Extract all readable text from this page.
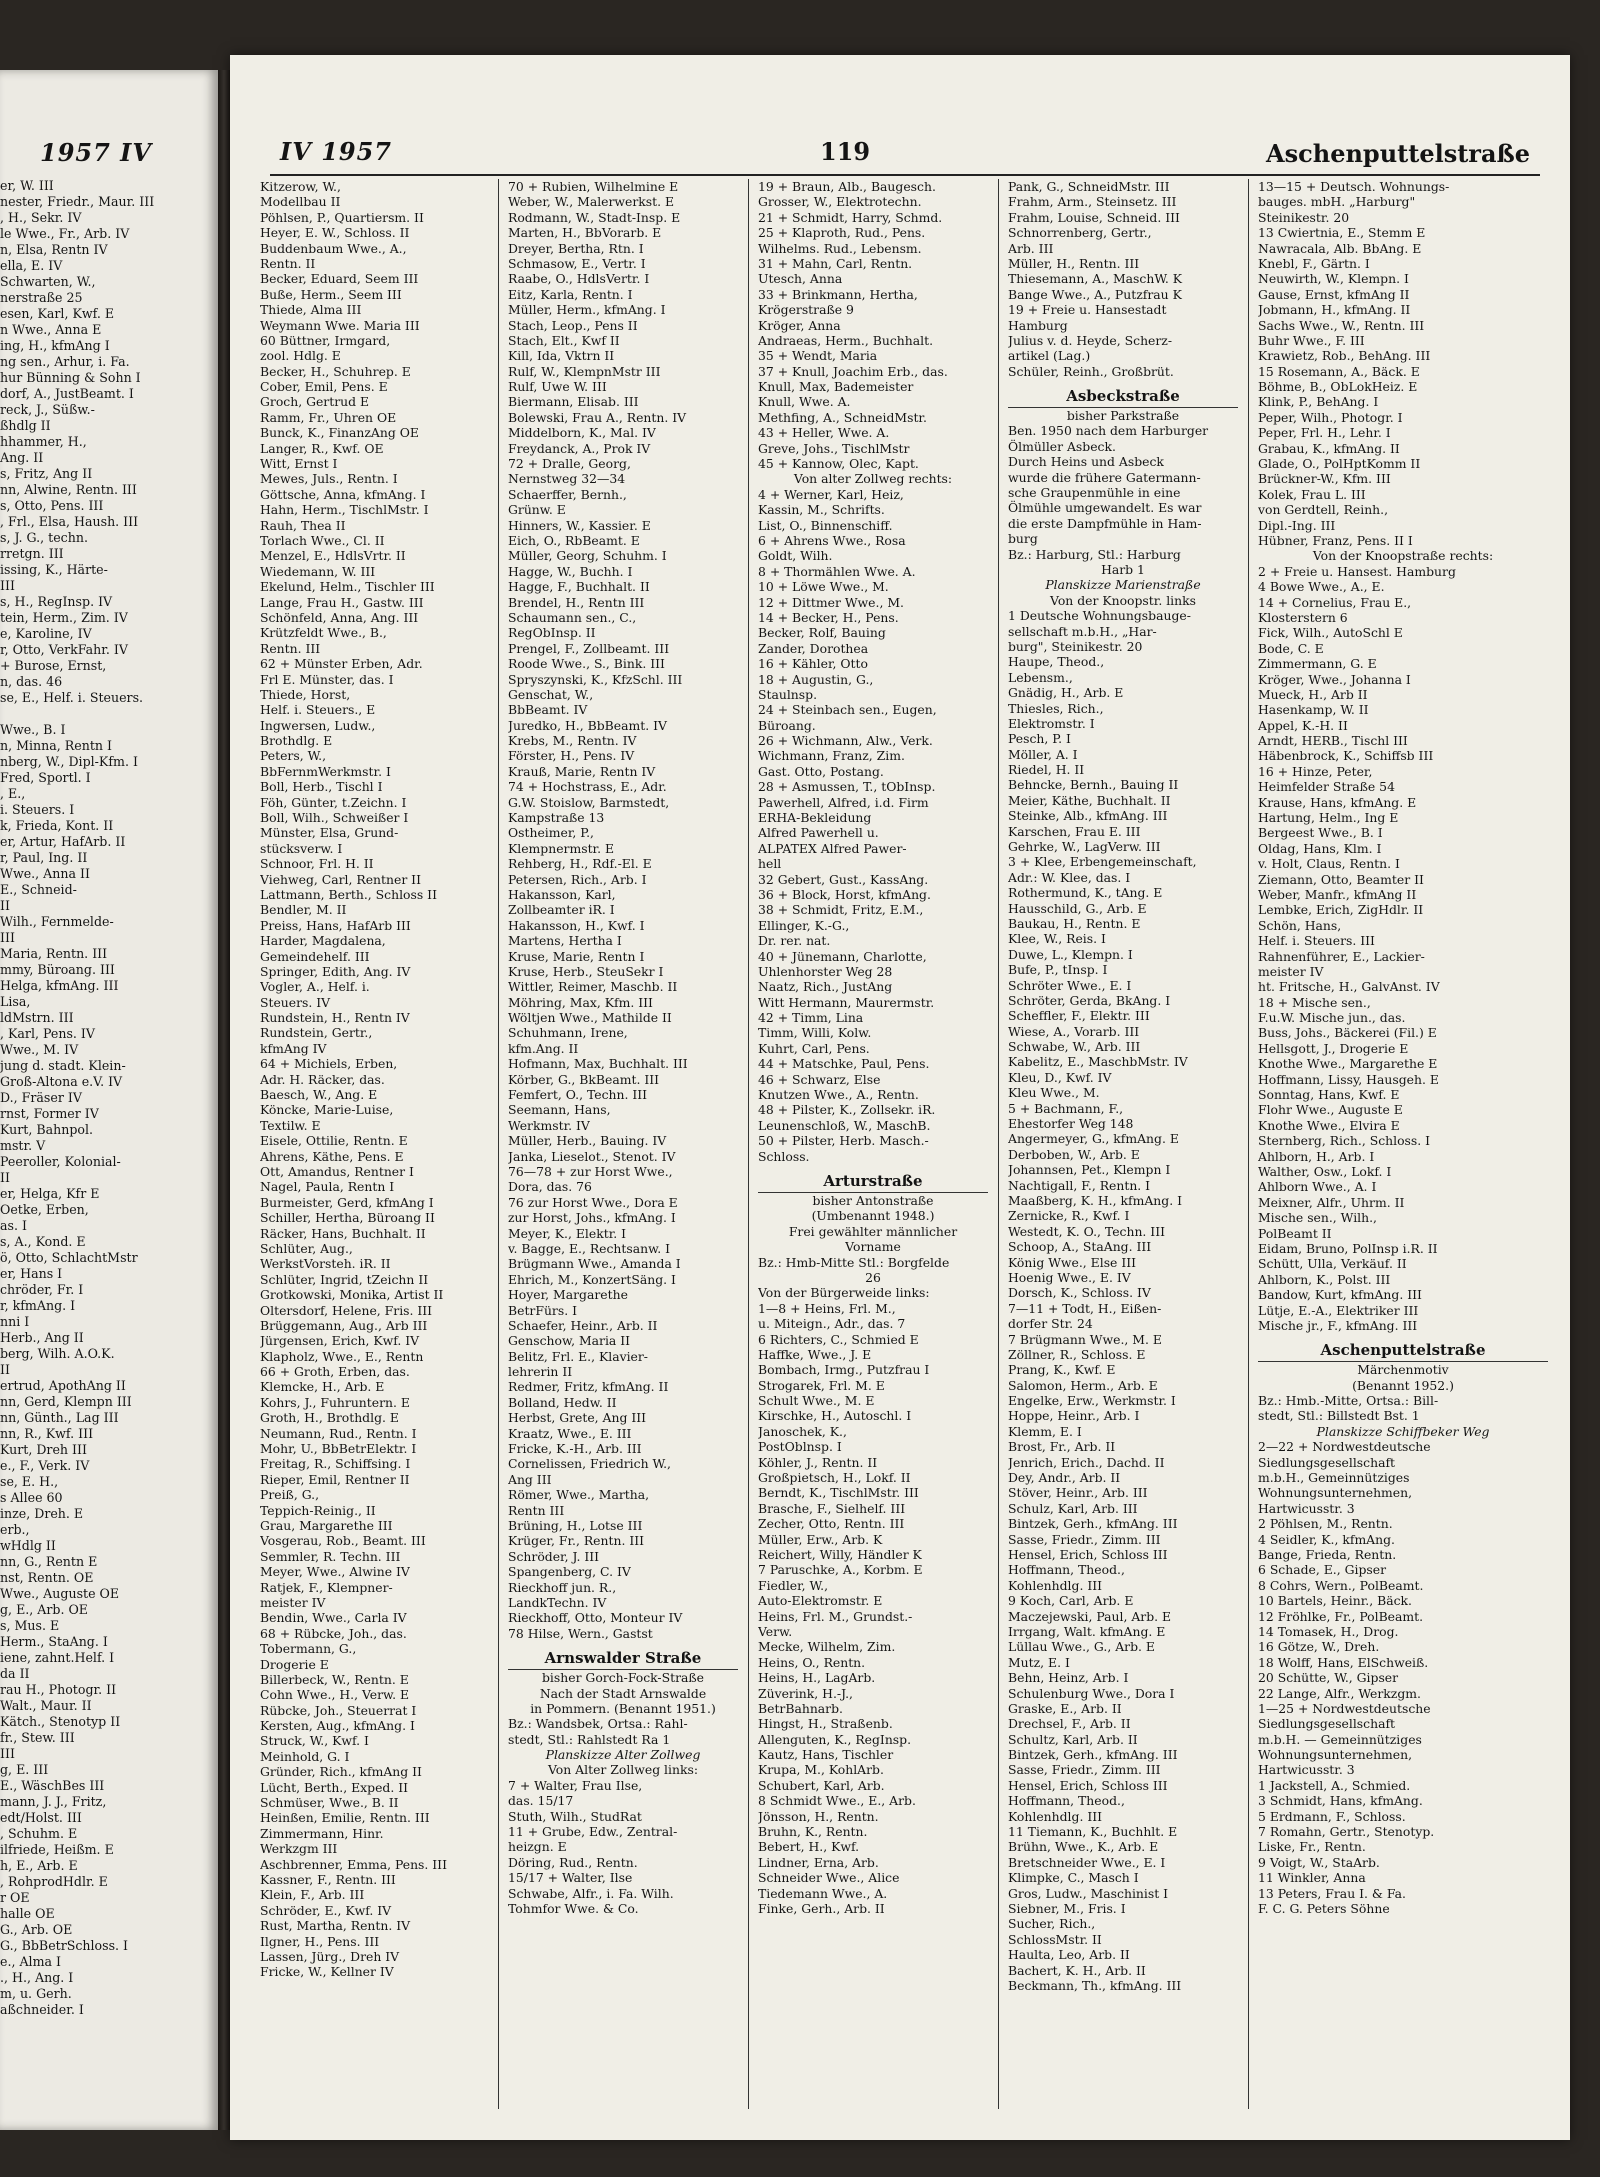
1957 IV
er, W. III
nester, Friedr., Maur. III
, H., Sekr. IV
le Wwe., Fr., Arb. IV
n, Elsa, Rentn IV
ella, E. IV
Schwarten, W.,
nerstraße 25
esen, Karl, Kwf. E
n Wwe., Anna E
ing, H., kfmAng I
ng sen., Arhur, i. Fa.
hur Bünning & Sohn I
dorf, A., JustBeamt. I
reck, J., Süßw.-
ßhdlg II
hhammer, H.,
Ang. II
s, Fritz, Ang II
nn, Alwine, Rentn. III
s, Otto, Pens. III
, Frl., Elsa, Haush. III
s, J. G., techn.
rretgn. III
issing, K., Härte-
III
s, H., RegInsp. IV
tein, Herm., Zim. IV
e, Karoline, IV
r, Otto, VerkFahr. IV
+ Burose, Ernst,
n, das. 46
se, E., Helf. i. Steuers.
Wwe., B. I
n, Minna, Rentn I
nberg, W., Dipl-Kfm. I
Fred, Sportl. I
, E.,
i. Steuers. I
k, Frieda, Kont. II
er, Artur, HafArb. II
r, Paul, Ing. II
Wwe., Anna II
E., Schneid-
II
Wilh., Fernmelde-
III
Maria, Rentn. III
mmy, Büroang. III
Helga, kfmAng. III
Lisa,
ldMstrn. III
, Karl, Pens. IV
Wwe., M. IV
jung d. stadt. Klein-
Groß-Altona e.V. IV
D., Fräser IV
rnst, Former IV
Kurt, Bahnpol.
mstr. V
Peeroller, Kolonial-
II
er, Helga, Kfr E
Oetke, Erben,
as. I
s, A., Kond. E
ö, Otto, SchlachtMstr
er, Hans I
chröder, Fr. I
r, kfmAng. I
nni I
Herb., Ang II
berg, Wilh. A.O.K.
II
ertrud, ApothAng II
nn, Gerd, Klempn III
nn, Günth., Lag III
nn, R., Kwf. III
Kurt, Dreh III
e., F., Verk. IV
se, E. H.,
s Allee 60
inze, Dreh. E
erb.,
wHdlg II
nn, G., Rentn E
nst, Rentn. OE
Wwe., Auguste OE
g, E., Arb. OE
s, Mus. E
Herm., StaAng. I
iene, zahnt.Helf. I
da II
rau H., Photogr. II
Walt., Maur. II
Kätch., Stenotyp II
fr., Stew. III
III
g, E. III
E., WäschBes III
mann, J. J., Fritz,
edt/Holst. III
, Schuhm. E
ilfriede, Heißm. E
h, E., Arb. E
, RohprodHdlr. E
r OE
halle OE
G., Arb. OE
G., BbBetrSchloss. I
e., Alma I
., H., Ang. I
m, u. Gerh.
aßchneider. I
IV 1957	119	Aschenputtelstraße
Kitzerow, W.,
Modellbau II
Pöhlsen, P., Quartiersm. II
Heyer, E. W., Schloss. II
Buddenbaum Wwe., A.,
Rentn. II
Becker, Eduard, Seem III
Buße, Herm., Seem III
Thiede, Alma III
Weymann Wwe. Maria III
60 Büttner, Irmgard,
zool. Hdlg. E
Becker, H., Schuhrep. E
Cober, Emil, Pens. E
Groch, Gertrud E
Ramm, Fr., Uhren OE
Bunck, K., FinanzAng OE
Langer, R., Kwf. OE
Witt, Ernst I
Mewes, Juls., Rentn. I
Göttsche, Anna, kfmAng. I
Hahn, Herm., TischlMstr. I
Rauh, Thea II
Torlach Wwe., Cl. II
Menzel, E., HdlsVrtr. II
Wiedemann, W. III
Ekelund, Helm., Tischler III
Lange, Frau H., Gastw. III
Schönfeld, Anna, Ang. III
Krützfeldt Wwe., B.,
Rentn. III
62 + Münster Erben, Adr.
Frl E. Münster, das. I
Thiede, Horst,
Helf. i. Steuers., E
Ingwersen, Ludw.,
Brothdlg. E
Peters, W.,
BbFernmWerkmstr. I
Boll, Herb., Tischl I
Föh, Günter, t.Zeichn. I
Boll, Wilh., Schweißer I
Münster, Elsa, Grund-
stücksverw. I
Schnoor, Frl. H. II
Viehweg, Carl, Rentner II
Lattmann, Berth., Schloss II
Bendler, M. II
Preiss, Hans, HafArb III
Harder, Magdalena,
Gemeindehelf. III
Springer, Edith, Ang. IV
Vogler, A., Helf. i.
Steuers. IV
Rundstein, H., Rentn IV
Rundstein, Gertr.,
kfmAng IV
64 + Michiels, Erben,
Adr. H. Räcker, das.
Baesch, W., Ang. E
Köncke, Marie-Luise,
Textilw. E
Eisele, Ottilie, Rentn. E
Ahrens, Käthe, Pens. E
Ott, Amandus, Rentner I
Nagel, Paula, Rentn I
Burmeister, Gerd, kfmAng I
Schiller, Hertha, Büroang II
Räcker, Hans, Buchhalt. II
Schlüter, Aug.,
WerkstVorsteh. iR. II
Schlüter, Ingrid, tZeichn II
Grotkowski, Monika, Artist II
Oltersdorf, Helene, Fris. III
Brüggemann, Aug., Arb III
Jürgensen, Erich, Kwf. IV
Klapholz, Wwe., E., Rentn
66 + Groth, Erben, das.
Klemcke, H., Arb. E
Kohrs, J., Fuhruntern. E
Groth, H., Brothdlg. E
Neumann, Rud., Rentn. I
Mohr, U., BbBetrElektr. I
Freitag, R., Schiffsing. I
Rieper, Emil, Rentner II
Preiß, G.,
Teppich-Reinig., II
Grau, Margarethe III
Vosgerau, Rob., Beamt. III
Semmler, R. Techn. III
Meyer, Wwe., Alwine IV
Ratjek, F., Klempner-
meister IV
Bendin, Wwe., Carla IV
68 + Rübcke, Joh., das.
Tobermann, G.,
Drogerie E
Billerbeck, W., Rentn. E
Cohn Wwe., H., Verw. E
Rübcke, Joh., Steuerrat I
Kersten, Aug., kfmAng. I
Struck, W., Kwf. I
Meinhold, G. I
Gründer, Rich., kfmAng II
Lücht, Berth., Exped. II
Schmüser, Wwe., B. II
Heinßen, Emilie, Rentn. III
Zimmermann, Hinr.
Werkzgm III
Aschbrenner, Emma, Pens. III
Kassner, F., Rentn. III
Klein, F., Arb. III
Schröder, E., Kwf. IV
Rust, Martha, Rentn. IV
Ilgner, H., Pens. III
Lassen, Jürg., Dreh IV
Fricke, W., Kellner IV
70 + Rubien, Wilhelmine E
Weber, W., Malerwerkst. E
Rodmann, W., Stadt-Insp. E
Marten, H., BbVorarb. E
Dreyer, Bertha, Rtn. I
Schmasow, E., Vertr. I
Raabe, O., HdlsVertr. I
Eitz, Karla, Rentn. I
Müller, Herm., kfmAng. I
Stach, Leop., Pens II
Stach, Elt., Kwf II
Kill, Ida, Vktrn II
Rulf, W., KlempnMstr III
Rulf, Uwe W. III
Biermann, Elisab. III
Bolewski, Frau A., Rentn. IV
Middelborn, K., Mal. IV
Freydanck, A., Prok IV
72 + Dralle, Georg,
Nernstweg 32—34
Schaerffer, Bernh.,
Grünw. E
Hinners, W., Kassier. E
Eich, O., RbBeamt. E
Müller, Georg, Schuhm. I
Hagge, W., Buchh. I
Hagge, F., Buchhalt. II
Brendel, H., Rentn III
Schaumann sen., C.,
RegObInsp. II
Prengel, F., Zollbeamt. III
Roode Wwe., S., Bink. III
Spryszynski, K., KfzSchl. III
Genschat, W.,
BbBeamt. IV
Juredko, H., BbBeamt. IV
Krebs, M., Rentn. IV
Förster, H., Pens. IV
Krauß, Marie, Rentn IV
74 + Hochstrass, E., Adr.
G.W. Stoislow, Barmstedt,
Kampstraße 13
Ostheimer, P.,
Klempnermstr. E
Rehberg, H., Rdf.-El. E
Petersen, Rich., Arb. I
Hakansson, Karl,
Zollbeamter iR. I
Hakansson, H., Kwf. I
Martens, Hertha I
Kruse, Marie, Rentn I
Kruse, Herb., SteuSekr I
Wittler, Reimer, Maschb. II
Möhring, Max, Kfm. III
Wöltjen Wwe., Mathilde II
Schuhmann, Irene,
kfm.Ang. II
Hofmann, Max, Buchhalt. III
Körber, G., BkBeamt. III
Femfert, O., Techn. III
Seemann, Hans,
Werkmstr. IV
Müller, Herb., Bauing. IV
Janka, Lieselot., Stenot. IV
76—78 + zur Horst Wwe.,
Dora, das. 76
76 zur Horst Wwe., Dora E
zur Horst, Johs., kfmAng. I
Meyer, K., Elektr. I
v. Bagge, E., Rechtsanw. I
Brügmann Wwe., Amanda I
Ehrich, M., KonzertSäng. I
Hoyer, Margarethe
BetrFürs. I
Schaefer, Heinr., Arb. II
Genschow, Maria II
Belitz, Frl. E., Klavier-
lehrerin II
Redmer, Fritz, kfmAng. II
Bolland, Hedw. II
Herbst, Grete, Ang III
Kraatz, Wwe., E. III
Fricke, K.-H., Arb. III
Cornelissen, Friedrich W.,
Ang III
Römer, Wwe., Martha,
Rentn III
Brüning, H., Lotse III
Krüger, Fr., Rentn. III
Schröder, J. III
Spangenberg, C. IV
Rieckhoff jun. R.,
LandkTechn. IV
Rieckhoff, Otto, Monteur IV
78 Hilse, Wern., Gastst
Arnswalder Straße
bisher Gorch-Fock-Straße
Nach der Stadt Arnswalde
in Pommern. (Benannt 1951.)
Bz.: Wandsbek, Ortsa.: Rahl-
stedt, Stl.: Rahlstedt Ra 1
Planskizze Alter Zollweg
Von Alter Zollweg links:
7 + Walter, Frau Ilse,
das. 15/17
Stuth, Wilh., StudRat
11 + Grube, Edw., Zentral-
heizgn. E
Döring, Rud., Rentn.
15/17 + Walter, Ilse
Schwabe, Alfr., i. Fa. Wilh.
Tohmfor Wwe. & Co.
19 + Braun, Alb., Baugesch.
Grosser, W., Elektrotechn.
21 + Schmidt, Harry, Schmd.
25 + Klaproth, Rud., Pens.
Wilhelms. Rud., Lebensm.
31 + Mahn, Carl, Rentn.
Utesch, Anna
33 + Brinkmann, Hertha,
Krögerstraße 9
Kröger, Anna
Andraeas, Herm., Buchhalt.
35 + Wendt, Maria
37 + Knull, Joachim Erb., das.
Knull, Max, Bademeister
Knull, Wwe. A.
Methfing, A., SchneidMstr.
43 + Heller, Wwe. A.
Greve, Johs., TischlMstr
45 + Kannow, Olec, Kapt.
Von alter Zollweg rechts:
4 + Werner, Karl, Heiz,
Kassin, M., Schrifts.
List, O., Binnenschiff.
6 + Ahrens Wwe., Rosa
Goldt, Wilh.
8 + Thormählen Wwe. A.
10 + Löwe Wwe., M.
12 + Dittmer Wwe., M.
14 + Becker, H., Pens.
Becker, Rolf, Bauing
Zander, Dorothea
16 + Kähler, Otto
18 + Augustin, G.,
Staulnsp.
24 + Steinbach sen., Eugen,
Büroang.
26 + Wichmann, Alw., Verk.
Wichmann, Franz, Zim.
Gast. Otto, Postang.
28 + Asmussen, T., tObInsp.
Pawerhell, Alfred, i.d. Firm
ERHA-Bekleidung
Alfred Pawerhell u.
ALPATEX Alfred Pawer-
hell
32 Gebert, Gust., KassAng.
36 + Block, Horst, kfmAng.
38 + Schmidt, Fritz, E.M.,
Ellinger, K.-G.,
Dr. rer. nat.
40 + Jünemann, Charlotte,
Uhlenhorster Weg 28
Naatz, Rich., JustAng
Witt Hermann, Maurermstr.
42 + Timm, Lina
Timm, Willi, Kolw.
Kuhrt, Carl, Pens.
44 + Matschke, Paul, Pens.
46 + Schwarz, Else
Knutzen Wwe., A., Rentn.
48 + Pilster, K., Zollsekr. iR.
Leunenschloß, W., MaschB.
50 + Pilster, Herb. Masch.-
Schloss.
Arturstraße
bisher Antonstraße
(Umbenannt 1948.)
Frei gewählter männlicher
Vorname
Bz.: Hmb-Mitte Stl.: Borgfelde
26
Von der Bürgerweide links:
1—8 + Heins, Frl. M.,
u. Miteign., Adr., das. 7
6 Richters, C., Schmied E
Haffke, Wwe., J. E
Bombach, Irmg., Putzfrau I
Strogarek, Frl. M. E
Schult Wwe., M. E
Kirschke, H., Autoschl. I
Janoschek, K.,
PostOblnsp. I
Köhler, J., Rentn. II
Großpietsch, H., Lokf. II
Berndt, K., TischlMstr. III
Brasche, F., Sielhelf. III
Zecher, Otto, Rentn. III
Müller, Erw., Arb. K
Reichert, Willy, Händler K
7 Paruschke, A., Korbm. E
Fiedler, W.,
Auto-Elektromstr. E
Heins, Frl. M., Grundst.-
Verw.
Mecke, Wilhelm, Zim.
Heins, O., Rentn.
Heins, H., LagArb.
Züverink, H.-J.,
BetrBahnarb.
Hingst, H., Straßenb.
Allenguten, K., RegInsp.
Kautz, Hans, Tischler
Krupa, M., KohlArb.
Schubert, Karl, Arb.
8 Schmidt Wwe., E., Arb.
Jönsson, H., Rentn.
Bruhn, K., Rentn.
Bebert, H., Kwf.
Lindner, Erna, Arb.
Schneider Wwe., Alice
Tiedemann Wwe., A.
Finke, Gerh., Arb. II
Pank, G., SchneidMstr. III
Frahm, Arm., Steinsetz. III
Frahm, Louise, Schneid. III
Schnorrenberg, Gertr.,
Arb. III
Müller, H., Rentn. III
Thiesemann, A., MaschW. K
Bange Wwe., A., Putzfrau K
19 + Freie u. Hansestadt
Hamburg
Julius v. d. Heyde, Scherz-
artikel (Lag.)
Schüler, Reinh., Großbrüt.
Asbeckstraße
bisher Parkstraße
Ben. 1950 nach dem Harburger
Ölmüller Asbeck.
Durch Heins und Asbeck
wurde die frühere Gatermann-
sche Graupenmühle in eine
Ölmühle umgewandelt. Es war
die erste Dampfmühle in Ham-
burg
Bz.: Harburg, Stl.: Harburg
Harb 1
Planskizze Marienstraße
Von der Knoopstr. links
1 Deutsche Wohnungsbauge-
sellschaft m.b.H., „Har-
burg", Steinikestr. 20
Haupe, Theod.,
Lebensm.,
Gnädig, H., Arb. E
Thiesles, Rich.,
Elektromstr. I
Pesch, P. I
Möller, A. I
Riedel, H. II
Behncke, Bernh., Bauing II
Meier, Käthe, Buchhalt. II
Steinke, Alb., kfmAng. III
Karschen, Frau E. III
Gehrke, W., LagVerw. III
3 + Klee, Erbengemeinschaft,
Adr.: W. Klee, das. I
Rothermund, K., tAng. E
Hausschild, G., Arb. E
Baukau, H., Rentn. E
Klee, W., Reis. I
Duwe, L., Klempn. I
Bufe, P., tInsp. I
Schröter Wwe., E. I
Schröter, Gerda, BkAng. I
Scheffler, F., Elektr. III
Wiese, A., Vorarb. III
Schwabe, W., Arb. III
Kabelitz, E., MaschbMstr. IV
Kleu, D., Kwf. IV
Kleu Wwe., M.
5 + Bachmann, F.,
Ehestorfer Weg 148
Angermeyer, G., kfmAng. E
Derboben, W., Arb. E
Johannsen, Pet., Klempn I
Nachtigall, F., Rentn. I
Maaßberg, K. H., kfmAng. I
Zernicke, R., Kwf. I
Westedt, K. O., Techn. III
Schoop, A., StaAng. III
König Wwe., Else III
Hoenig Wwe., E. IV
Dorsch, K., Schloss. IV
7—11 + Todt, H., Eißen-
dorfer Str. 24
7 Brügmann Wwe., M. E
Zöllner, R., Schloss. E
Prang, K., Kwf. E
Salomon, Herm., Arb. E
Engelke, Erw., Werkmstr. I
Hoppe, Heinr., Arb. I
Klemm, E. I
Brost, Fr., Arb. II
Jenrich, Erich., Dachd. II
Dey, Andr., Arb. II
Stöver, Heinr., Arb. III
Schulz, Karl, Arb. III
Bintzek, Gerh., kfmAng. III
Sasse, Friedr., Zimm. III
Hensel, Erich, Schloss III
Hoffmann, Theod.,
Kohlenhdlg. III
9 Koch, Carl, Arb. E
Maczejewski, Paul, Arb. E
Irrgang, Walt. kfmAng. E
Lüllau Wwe., G., Arb. E
Mutz, E. I
Behn, Heinz, Arb. I
Schulenburg Wwe., Dora I
Graske, E., Arb. II
Drechsel, F., Arb. II
Schultz, Karl, Arb. II
Bintzek, Gerh., kfmAng. III
Sasse, Friedr., Zimm. III
Hensel, Erich, Schloss III
Hoffmann, Theod.,
Kohlenhdlg. III
11 Tiemann, K., Buchhlt. E
Brühn, Wwe., K., Arb. E
Bretschneider Wwe., E. I
Klimpke, C., Masch I
Gros, Ludw., Maschinist I
Siebner, M., Fris. I
Sucher, Rich.,
SchlossMstr. II
Haulta, Leo, Arb. II
Bachert, K. H., Arb. II
Beckmann, Th., kfmAng. III
13—15 + Deutsch. Wohnungs-
bauges. mbH. „Harburg"
Steinikestr. 20
13 Cwiertnia, E., Stemm E
Nawracala, Alb. BbAng. E
Knebl, F., Gärtn. I
Neuwirth, W., Klempn. I
Gause, Ernst, kfmAng II
Jobmann, H., kfmAng. II
Sachs Wwe., W., Rentn. III
Buhr Wwe., F. III
Krawietz, Rob., BehAng. III
15 Rosemann, A., Bäck. E
Böhme, B., ObLokHeiz. E
Klink, P., BehAng. I
Peper, Wilh., Photogr. I
Peper, Frl. H., Lehr. I
Grabau, K., kfmAng. II
Glade, O., PolHptKomm II
Brückner-W., Kfm. III
Kolek, Frau L. III
von Gerdtell, Reinh.,
Dipl.-Ing. III
Hübner, Franz, Pens. II I
Von der Knoopstraße rechts:
2 + Freie u. Hansest. Hamburg
4 Bowe Wwe., A., E.
14 + Cornelius, Frau E.,
Klosterstern 6
Fick, Wilh., AutoSchl E
Bode, C. E
Zimmermann, G. E
Kröger, Wwe., Johanna I
Mueck, H., Arb II
Hasenkamp, W. II
Appel, K.-H. II
Arndt, HERB., Tischl III
Häbenbrock, K., Schiffsb III
16 + Hinze, Peter,
Heimfelder Straße 54
Krause, Hans, kfmAng. E
Hartung, Helm., Ing E
Bergeest Wwe., B. I
Oldag, Hans, Klm. I
v. Holt, Claus, Rentn. I
Ziemann, Otto, Beamter II
Weber, Manfr., kfmAng II
Lembke, Erich, ZigHdlr. II
Schön, Hans,
Helf. i. Steuers. III
Rahnenführer, E., Lackier-
meister IV
ht. Fritsche, H., GalvAnst. IV
18 + Mische sen.,
F.u.W. Mische jun., das.
Buss, Johs., Bäckerei (Fil.) E
Hellsgott, J., Drogerie E
Knothe Wwe., Margarethe E
Hoffmann, Lissy, Hausgeh. E
Sonntag, Hans, Kwf. E
Flohr Wwe., Auguste E
Knothe Wwe., Elvira E
Sternberg, Rich., Schloss. I
Ahlborn, H., Arb. I
Walther, Osw., Lokf. I
Ahlborn Wwe., A. I
Meixner, Alfr., Uhrm. II
Mische sen., Wilh.,
PolBeamt II
Eidam, Bruno, PolInsp i.R. II
Schütt, Ulla, Verkäuf. II
Ahlborn, K., Polst. III
Bandow, Kurt, kfmAng. III
Lütje, E.-A., Elektriker III
Mische jr., F., kfmAng. III
Aschenputtelstraße
Märchenmotiv
(Benannt 1952.)
Bz.: Hmb.-Mitte, Ortsa.: Bill-
stedt, Stl.: Billstedt Bst. 1
Planskizze Schiffbeker Weg
2—22 + Nordwestdeutsche
Siedlungsgesellschaft
m.b.H., Gemeinnütziges
Wohnungsunternehmen,
Hartwicusstr. 3
2 Pöhlsen, M., Rentn.
4 Seidler, K., kfmAng.
Bange, Frieda, Rentn.
6 Schade, E., Gipser
8 Cohrs, Wern., PolBeamt.
10 Bartels, Heinr., Bäck.
12 Fröhlke, Fr., PolBeamt.
14 Tomasek, H., Drog.
16 Götze, W., Dreh.
18 Wolff, Hans, ElSchweiß.
20 Schütte, W., Gipser
22 Lange, Alfr., Werkzgm.
1—25 + Nordwestdeutsche
Siedlungsgesellschaft
m.b.H. — Gemeinnütziges
Wohnungsunternehmen,
Hartwicusstr. 3
1 Jackstell, A., Schmied.
3 Schmidt, Hans, kfmAng.
5 Erdmann, F., Schloss.
7 Romahn, Gertr., Stenotyp.
Liske, Fr., Rentn.
9 Voigt, W., StaArb.
11 Winkler, Anna
13 Peters, Frau I. & Fa.
F. C. G. Peters Söhne
